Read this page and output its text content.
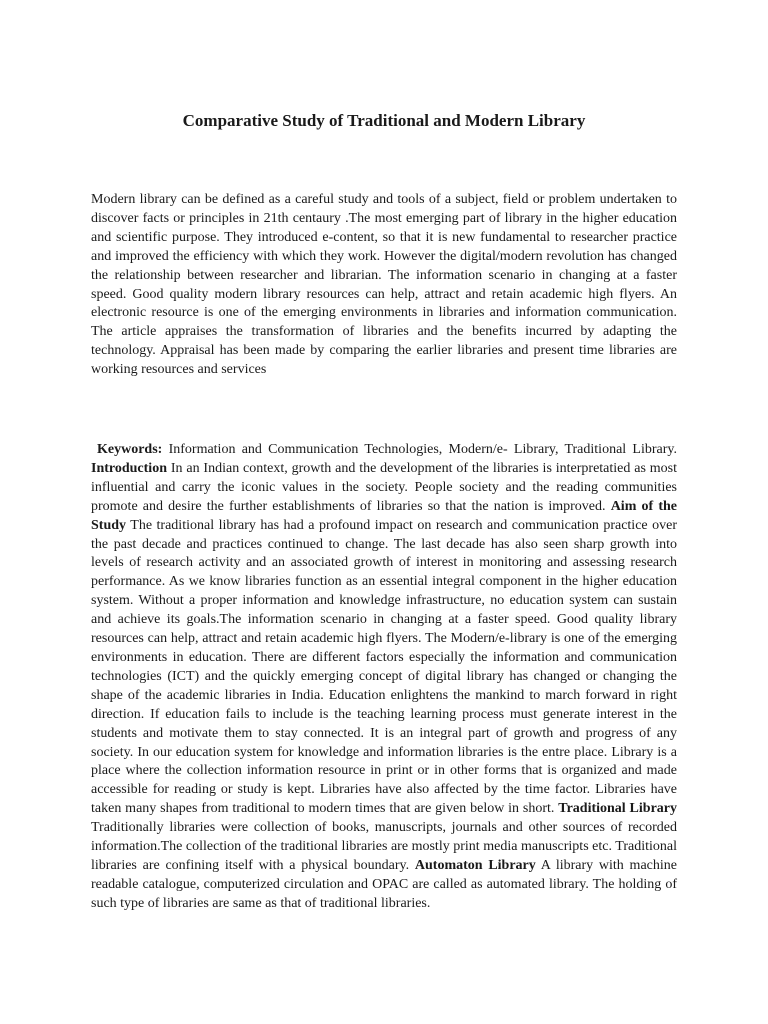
Comparative Study of Traditional and Modern Library

Modern library can be defined as a careful study and tools of a subject, field or problem undertaken to discover facts or principles in 21th centaury .The most emerging part of library in the higher education and scientific purpose. They introduced e-content, so that it is new fundamental to researcher practice and improved the efficiency with which they work. However the digital/modern revolution has changed the relationship between researcher and librarian. The information scenario in changing at a faster speed. Good quality modern library resources can help, attract and retain academic high flyers. An electronic resource is one of the emerging environments in libraries and information communication. The article appraises the transformation of libraries and the benefits incurred by adapting the technology. Appraisal has been made by comparing the earlier libraries and present time libraries are working resources and services

Keywords: Information and Communication Technologies, Modern/e- Library, Traditional Library. Introduction In an Indian context, growth and the development of the libraries is interpretatied as most influential and carry the iconic values in the society. People society and the reading communities promote and desire the further establishments of libraries so that the nation is improved. Aim of the Study The traditional library has had a profound impact on research and communication practice over the past decade and practices continued to change. The last decade has also seen sharp growth into levels of research activity and an associated growth of interest in monitoring and assessing research performance. As we know libraries function as an essential integral component in the higher education system. Without a proper information and knowledge infrastructure, no education system can sustain and achieve its goals.The information scenario in changing at a faster speed. Good quality library resources can help, attract and retain academic high flyers. The Modern/e-library is one of the emerging environments in education. There are different factors especially the information and communication technologies (ICT) and the quickly emerging concept of digital library has changed or changing the shape of the academic libraries in India. Education enlightens the mankind to march forward in right direction. If education fails to include is the teaching learning process must generate interest in the students and motivate them to stay connected. It is an integral part of growth and progress of any society. In our education system for knowledge and information libraries is the entre place. Library is a place where the collection information resource in print or in other forms that is organized and made accessible for reading or study is kept. Libraries have also affected by the time factor. Libraries have taken many shapes from traditional to modern times that are given below in short. Traditional Library Traditionally libraries were collection of books, manuscripts, journals and other sources of recorded information.The collection of the traditional libraries are mostly print media manuscripts etc. Traditional libraries are confining itself with a physical boundary. Automaton Library A library with machine readable catalogue, computerized circulation and OPAC are called as automated library. The holding of such type of libraries are same as that of traditional libraries.
